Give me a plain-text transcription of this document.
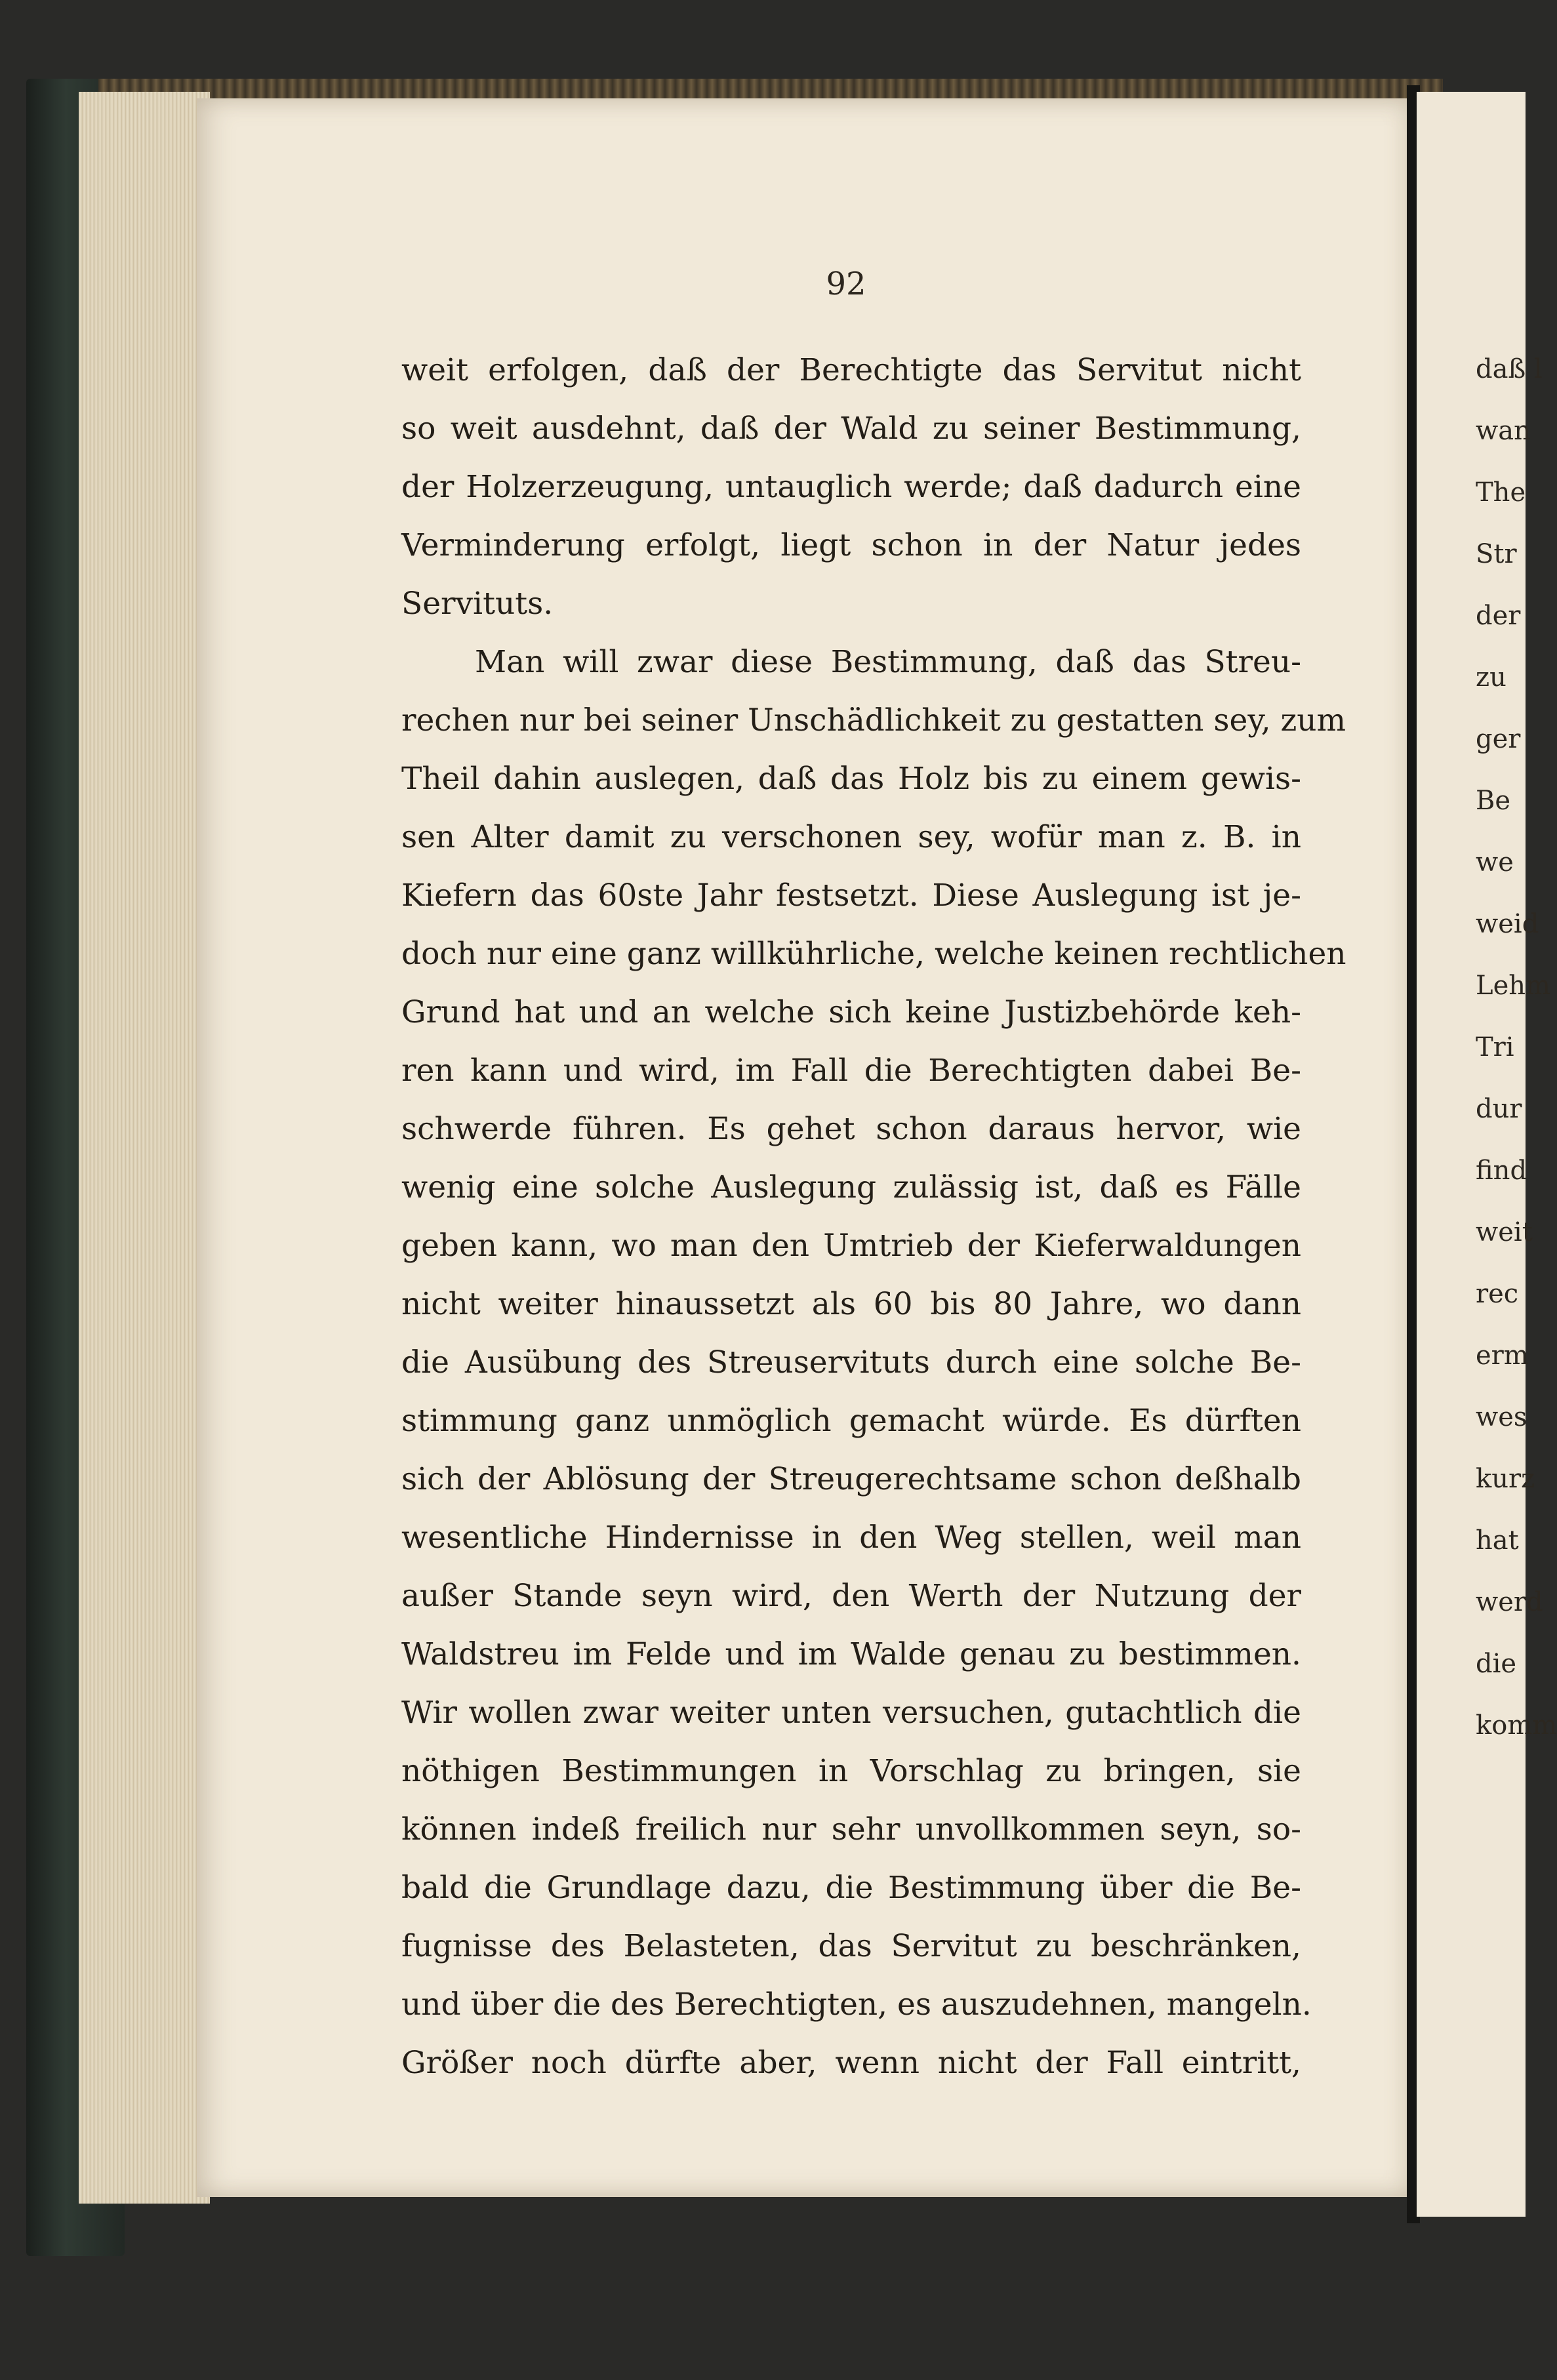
92
weit erfolgen, daß der Berechtigte das Servitut nicht
so weit ausdehnt, daß der Wald zu seiner Bestimmung,
der Holzerzeugung, untauglich werde; daß dadurch eine
Verminderung erfolgt, liegt schon in der Natur jedes
Servituts.
Man will zwar diese Bestimmung, daß das Streu-
rechen nur bei seiner Unschädlichkeit zu gestatten sey, zum
Theil dahin auslegen, daß das Holz bis zu einem gewis-
sen Alter damit zu verschonen sey, wofür man z. B. in
Kiefern das 60ste Jahr festsetzt. Diese Auslegung ist je-
doch nur eine ganz willkührliche, welche keinen rechtlichen
Grund hat und an welche sich keine Justizbehörde keh-
ren kann und wird, im Fall die Berechtigten dabei Be-
schwerde führen. Es gehet schon daraus hervor, wie
wenig eine solche Auslegung zulässig ist, daß es Fälle
geben kann, wo man den Umtrieb der Kieferwaldungen
nicht weiter hinaussetzt als 60 bis 80 Jahre, wo dann
die Ausübung des Streuservituts durch eine solche Be-
stimmung ganz unmöglich gemacht würde. Es dürften
sich der Ablösung der Streugerechtsame schon deßhalb
wesentliche Hindernisse in den Weg stellen, weil man
außer Stande seyn wird, den Werth der Nutzung der
Waldstreu im Felde und im Walde genau zu bestimmen.
Wir wollen zwar weiter unten versuchen, gutachtlich die
nöthigen Bestimmungen in Vorschlag zu bringen, sie
können indeß freilich nur sehr unvollkommen seyn, so-
bald die Grundlage dazu, die Bestimmung über die Be-
fugnisse des Belasteten, das Servitut zu beschränken,
und über die des Berechtigten, es auszudehnen, mangeln.
Größer noch dürfte aber, wenn nicht der Fall eintritt,
daß l
wan
The
Str
der
zu
ger
Be
we
weid
Lehm
Tri
dur
find
weit
rec
erm
wes
kurz
hat
werd
die
komm
